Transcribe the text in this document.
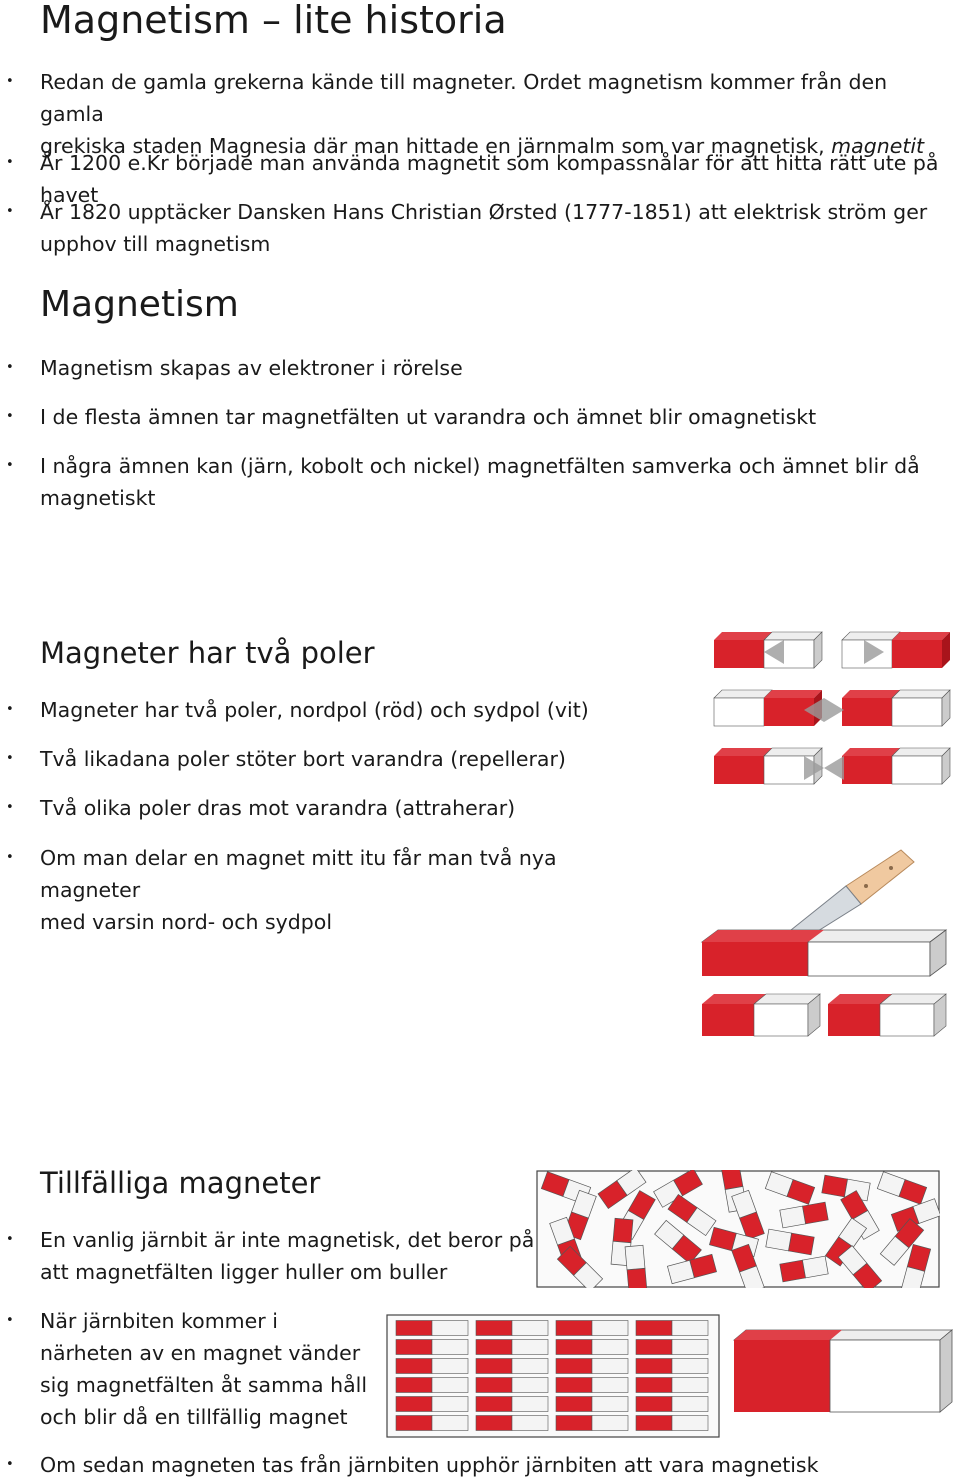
Magnetism – lite historia
• Redan de gamla grekerna kände till magneter. Ordet magnetism kommer från den gamla
grekiska staden Magnesia där man hittade en järnmalm som var magnetisk, magnetit
• År 1200 e.Kr började man använda magnetit som kompassnålar för att hitta rätt ute på havet
• År 1820 upptäcker Dansken Hans Christian Ørsted (1777-1851) att elektrisk ström ger
upphov till magnetism
Magnetism
• Magnetism skapas av elektroner i rörelse
• I de flesta ämnen tar magnetfälten ut varandra och ämnet blir omagnetiskt
• I några ämnen kan (järn, kobolt och nickel) magnetfälten samverka och ämnet blir då
magnetiskt
Magneter har två poler
• Magneter har två poler, nordpol (röd) och sydpol (vit)
• Två likadana poler stöter bort varandra (repellerar)
• Två olika poler dras mot varandra (attraherar)
• Om man delar en magnet mitt itu får man två nya magneter
med varsin nord- och sydpol
Tillfälliga magneter
• En vanlig järnbit är inte magnetisk, det beror på
att magnetfälten ligger huller om buller
• När järnbiten kommer i
närheten av en magnet vänder
sig magnetfälten åt samma håll
och blir då en tillfällig magnet
• Om sedan magneten tas från järnbiten upphör järnbiten att vara magnetisk
